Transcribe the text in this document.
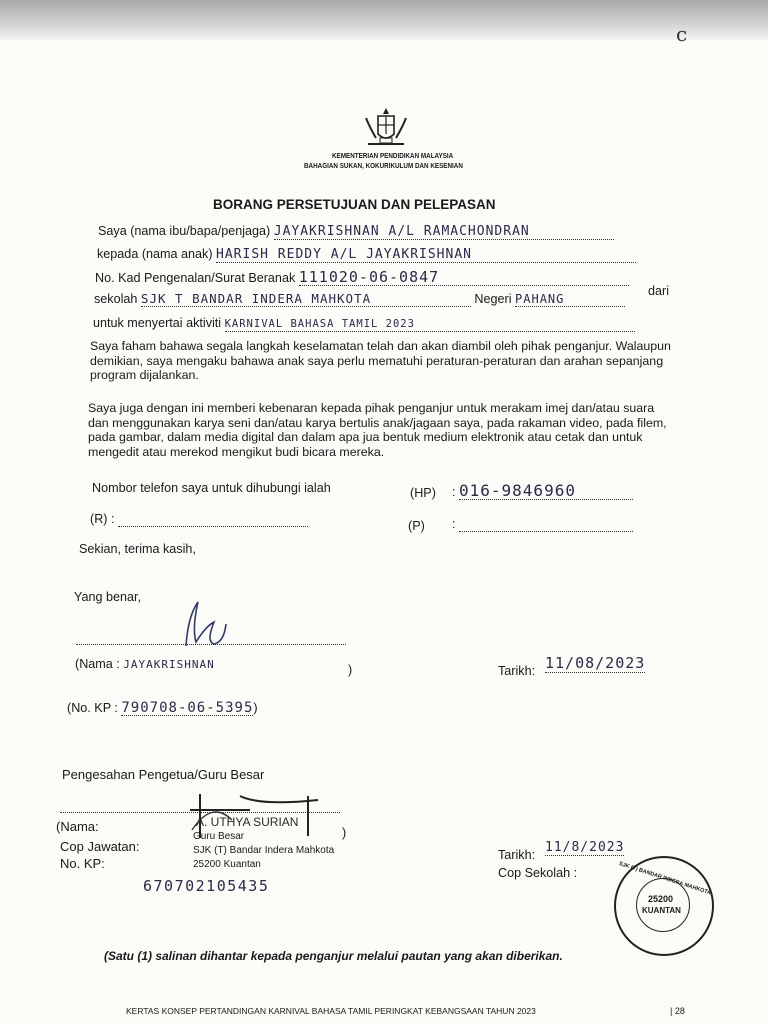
c
KEMENTERIAN PENDIDIKAN MALAYSIA
BAHAGIAN SUKAN, KOKURIKULUM DAN KESENIAN
BORANG PERSETUJUAN DAN PELEPASAN
Saya (nama ibu/bapa/penjaga) JAYAKRISHNAN A/L RAMACHONDRAN
kepada (nama anak) HARISH REDDY A/L JAYAKRISHNAN
No. Kad Pengenalan/Surat Beranak 111020-06-0847
dari
sekolah SJK T BANDAR INDERA MAHKOTA	Negeri PAHANG
untuk menyertai aktiviti KARNIVAL BAHASA TAMIL 2023
Saya faham bahawa segala langkah keselamatan telah dan akan diambil oleh pihak penganjur. Walaupun demikian, saya mengaku bahawa anak saya perlu mematuhi peraturan-peraturan dan arahan sepanjang program dijalankan.
Saya juga dengan ini memberi kebenaran kepada pihak penganjur untuk merakam imej dan/atau suara dan menggunakan karya seni dan/atau karya bertulis anak/jagaan saya, pada rakaman video, pada filem, pada gambar, dalam media digital dan dalam apa jua bentuk medium elektronik atau cetak dan untuk mengedit atau merekod mengikut budi bicara mereka.
Nombor telefon saya untuk dihubungi ialah	(HP) : 016-9846960
(R) :	(P) :
Sekian, terima kasih,
Yang benar,
(Nama : JAYAKRISHNAN	)	Tarikh: 11/08/2023
(No. KP : 790708-06-5395)
Pengesahan Pengetua/Guru Besar
(Nama:
Cop Jawatan:
No. KP:
)
A. UTHYA SURIAN
Guru Besar
SJK (T) Bandar Indera Mahkota
25200 Kuantan
670702105435
Tarikh: 11/8/2023
Cop Sekolah :	SJK (T) BANDAR INDERA MAHKOTA
25200
KUANTAN
(Satu (1) salinan dihantar kepada penganjur melalui pautan yang akan diberikan.
KERTAS KONSEP PERTANDINGAN KARNIVAL BAHASA TAMIL PERINGKAT KEBANGSAAN TAHUN 2023	| 28
